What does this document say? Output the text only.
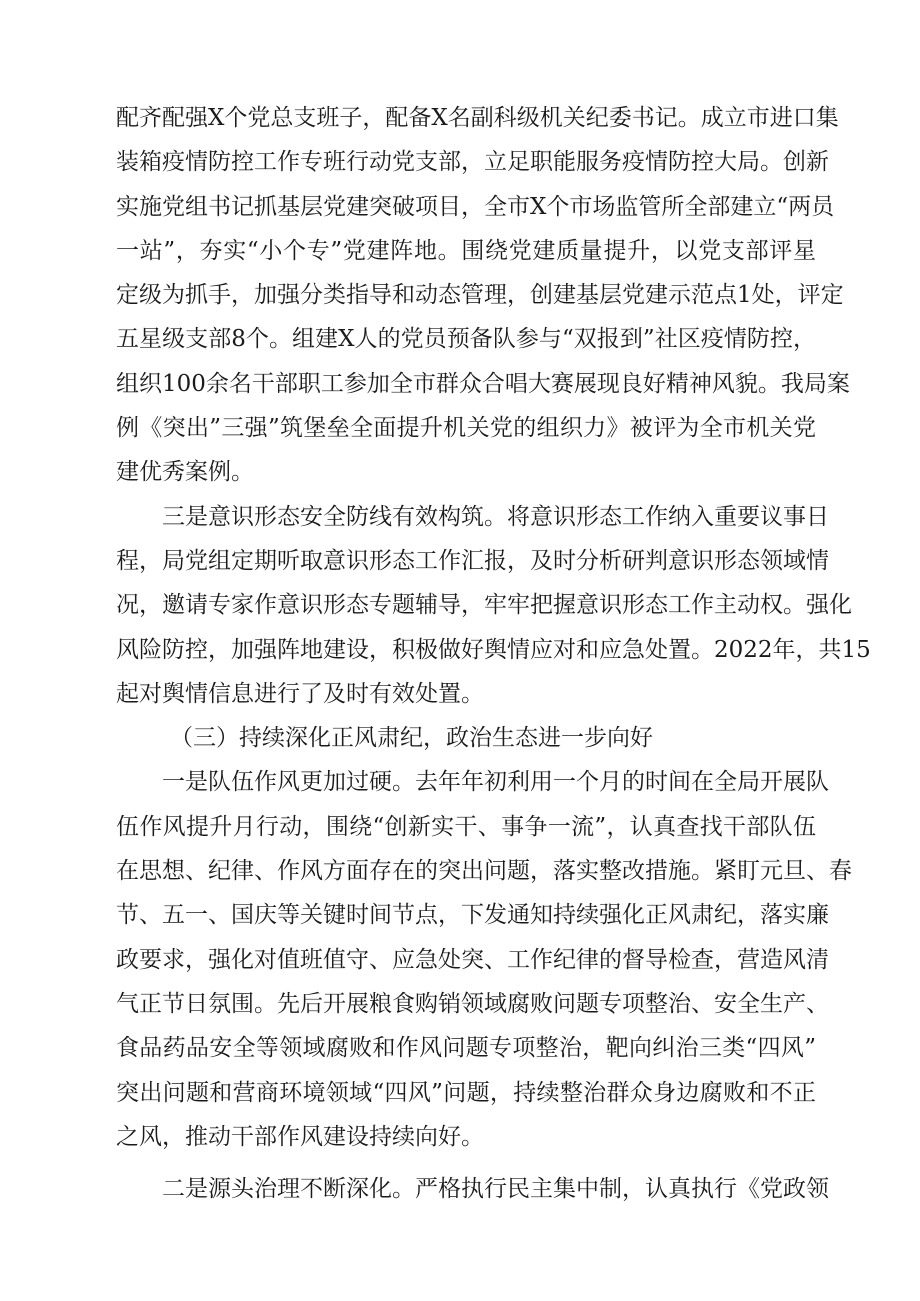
配齐配强X个党总支班子，配备X名副科级机关纪委书记。成立市进口集
装箱疫情防控工作专班行动党支部，立足职能服务疫情防控大局。创新
实施党组书记抓基层党建突破项目，全市X个市场监管所全部建立“两员
一站”，夯实“小个专”党建阵地。围绕党建质量提升，以党支部评星
定级为抓手，加强分类指导和动态管理，创建基层党建示范点1处，评定
五星级支部8个。组建X人的党员预备队参与“双报到”社区疫情防控，
组织100余名干部职工参加全市群众合唱大赛展现良好精神风貌。我局案
例《突出”三强”筑堡垒全面提升机关党的组织力》被评为全市机关党
建优秀案例。
三是意识形态安全防线有效构筑。将意识形态工作纳入重要议事日
程，局党组定期听取意识形态工作汇报，及时分析研判意识形态领域情
况，邀请专家作意识形态专题辅导，牢牢把握意识形态工作主动权。强化
风险防控，加强阵地建设，积极做好舆情应对和应急处置。2022年，共15
起对舆情信息进行了及时有效处置。
（三）持续深化正风肃纪，政治生态进一步向好
一是队伍作风更加过硬。去年年初利用一个月的时间在全局开展队
伍作风提升月行动，围绕“创新实干、事争一流”，认真查找干部队伍
在思想、纪律、作风方面存在的突出问题，落实整改措施。紧盯元旦、春
节、五一、国庆等关键时间节点，下发通知持续强化正风肃纪，落实廉
政要求，强化对值班值守、应急处突、工作纪律的督导检查，营造风清
气正节日氛围。先后开展粮食购销领域腐败问题专项整治、安全生产、
食品药品安全等领域腐败和作风问题专项整治，靶向纠治三类“四风”
突出问题和营商环境领域“四风”问题，持续整治群众身边腐败和不正
之风，推动干部作风建设持续向好。
二是源头治理不断深化。严格执行民主集中制，认真执行《党政领
